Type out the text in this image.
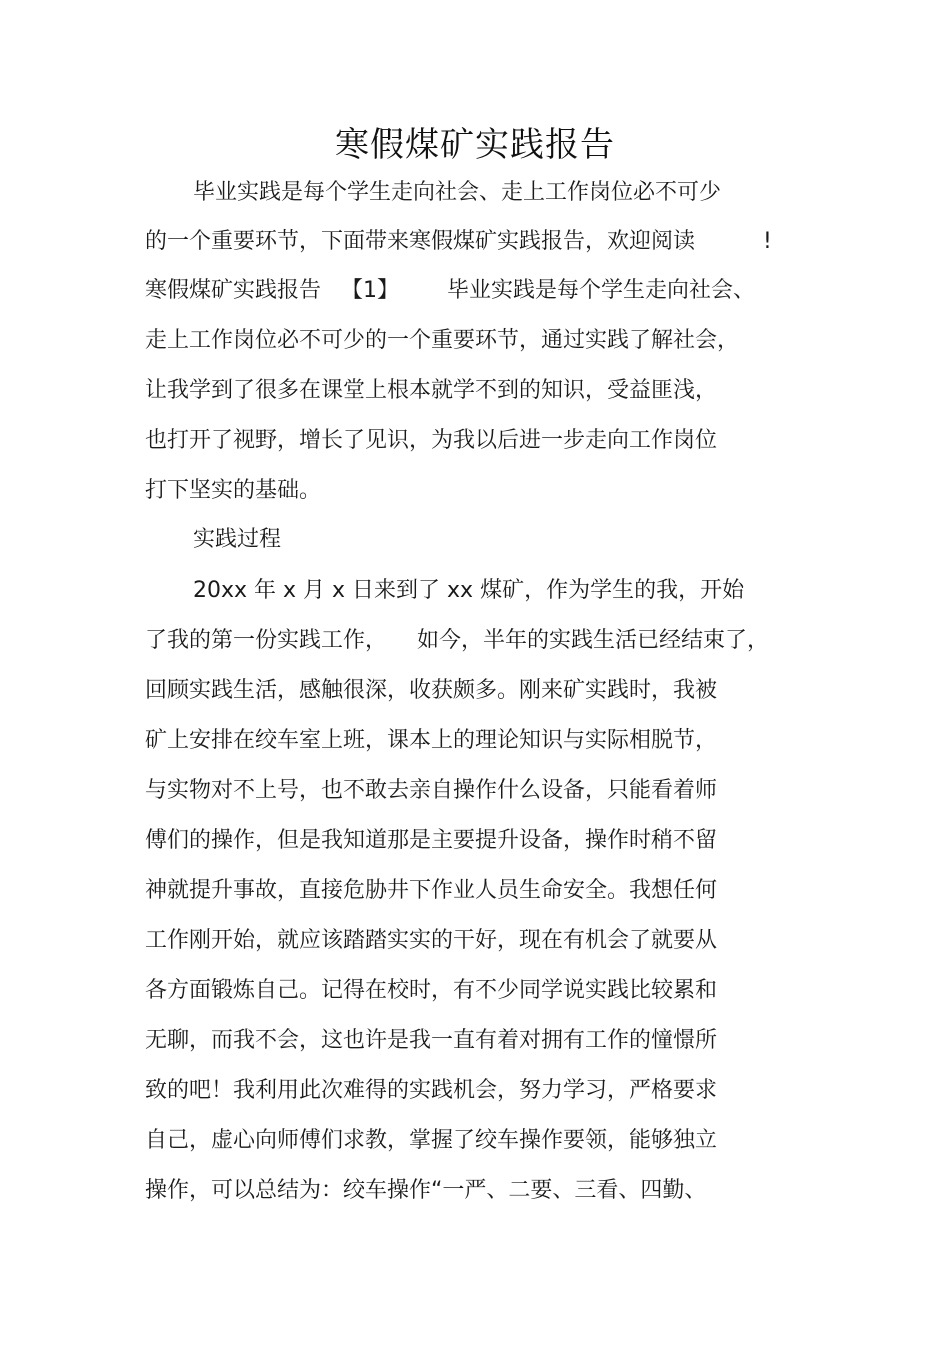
寒假煤矿实践报告
毕业实践是每个学生走向社会、走上工作岗位必不可少
的一个重要环节，下面带来寒假煤矿实践报告，欢迎阅读	!
寒假煤矿实践报告 【1】 毕业实践是每个学生走向社会、
走上工作岗位必不可少的一个重要环节，通过实践了解社会，
让我学到了很多在课堂上根本就学不到的知识，受益匪浅，
也打开了视野，增长了见识，为我以后进一步走向工作岗位
打下坚实的基础。
实践过程
20xx 年 x 月 x 日来到了 xx 煤矿，作为学生的我，开始
了我的第一份实践工作， 如今，半年的实践生活已经结束了，
回顾实践生活，感触很深，收获颇多。刚来矿实践时，我被
矿上安排在绞车室上班，课本上的理论知识与实际相脱节，
与实物对不上号，也不敢去亲自操作什么设备，只能看着师
傅们的操作，但是我知道那是主要提升设备，操作时稍不留
神就提升事故，直接危胁井下作业人员生命安全。我想任何
工作刚开始，就应该踏踏实实的干好，现在有机会了就要从
各方面锻炼自己。记得在校时，有不少同学说实践比较累和
无聊，而我不会，这也许是我一直有着对拥有工作的憧憬所
致的吧！我利用此次难得的实践机会，努力学习，严格要求
自己，虚心向师傅们求教，掌握了绞车操作要领，能够独立
操作，可以总结为：绞车操作“一严、二要、三看、四勤、
